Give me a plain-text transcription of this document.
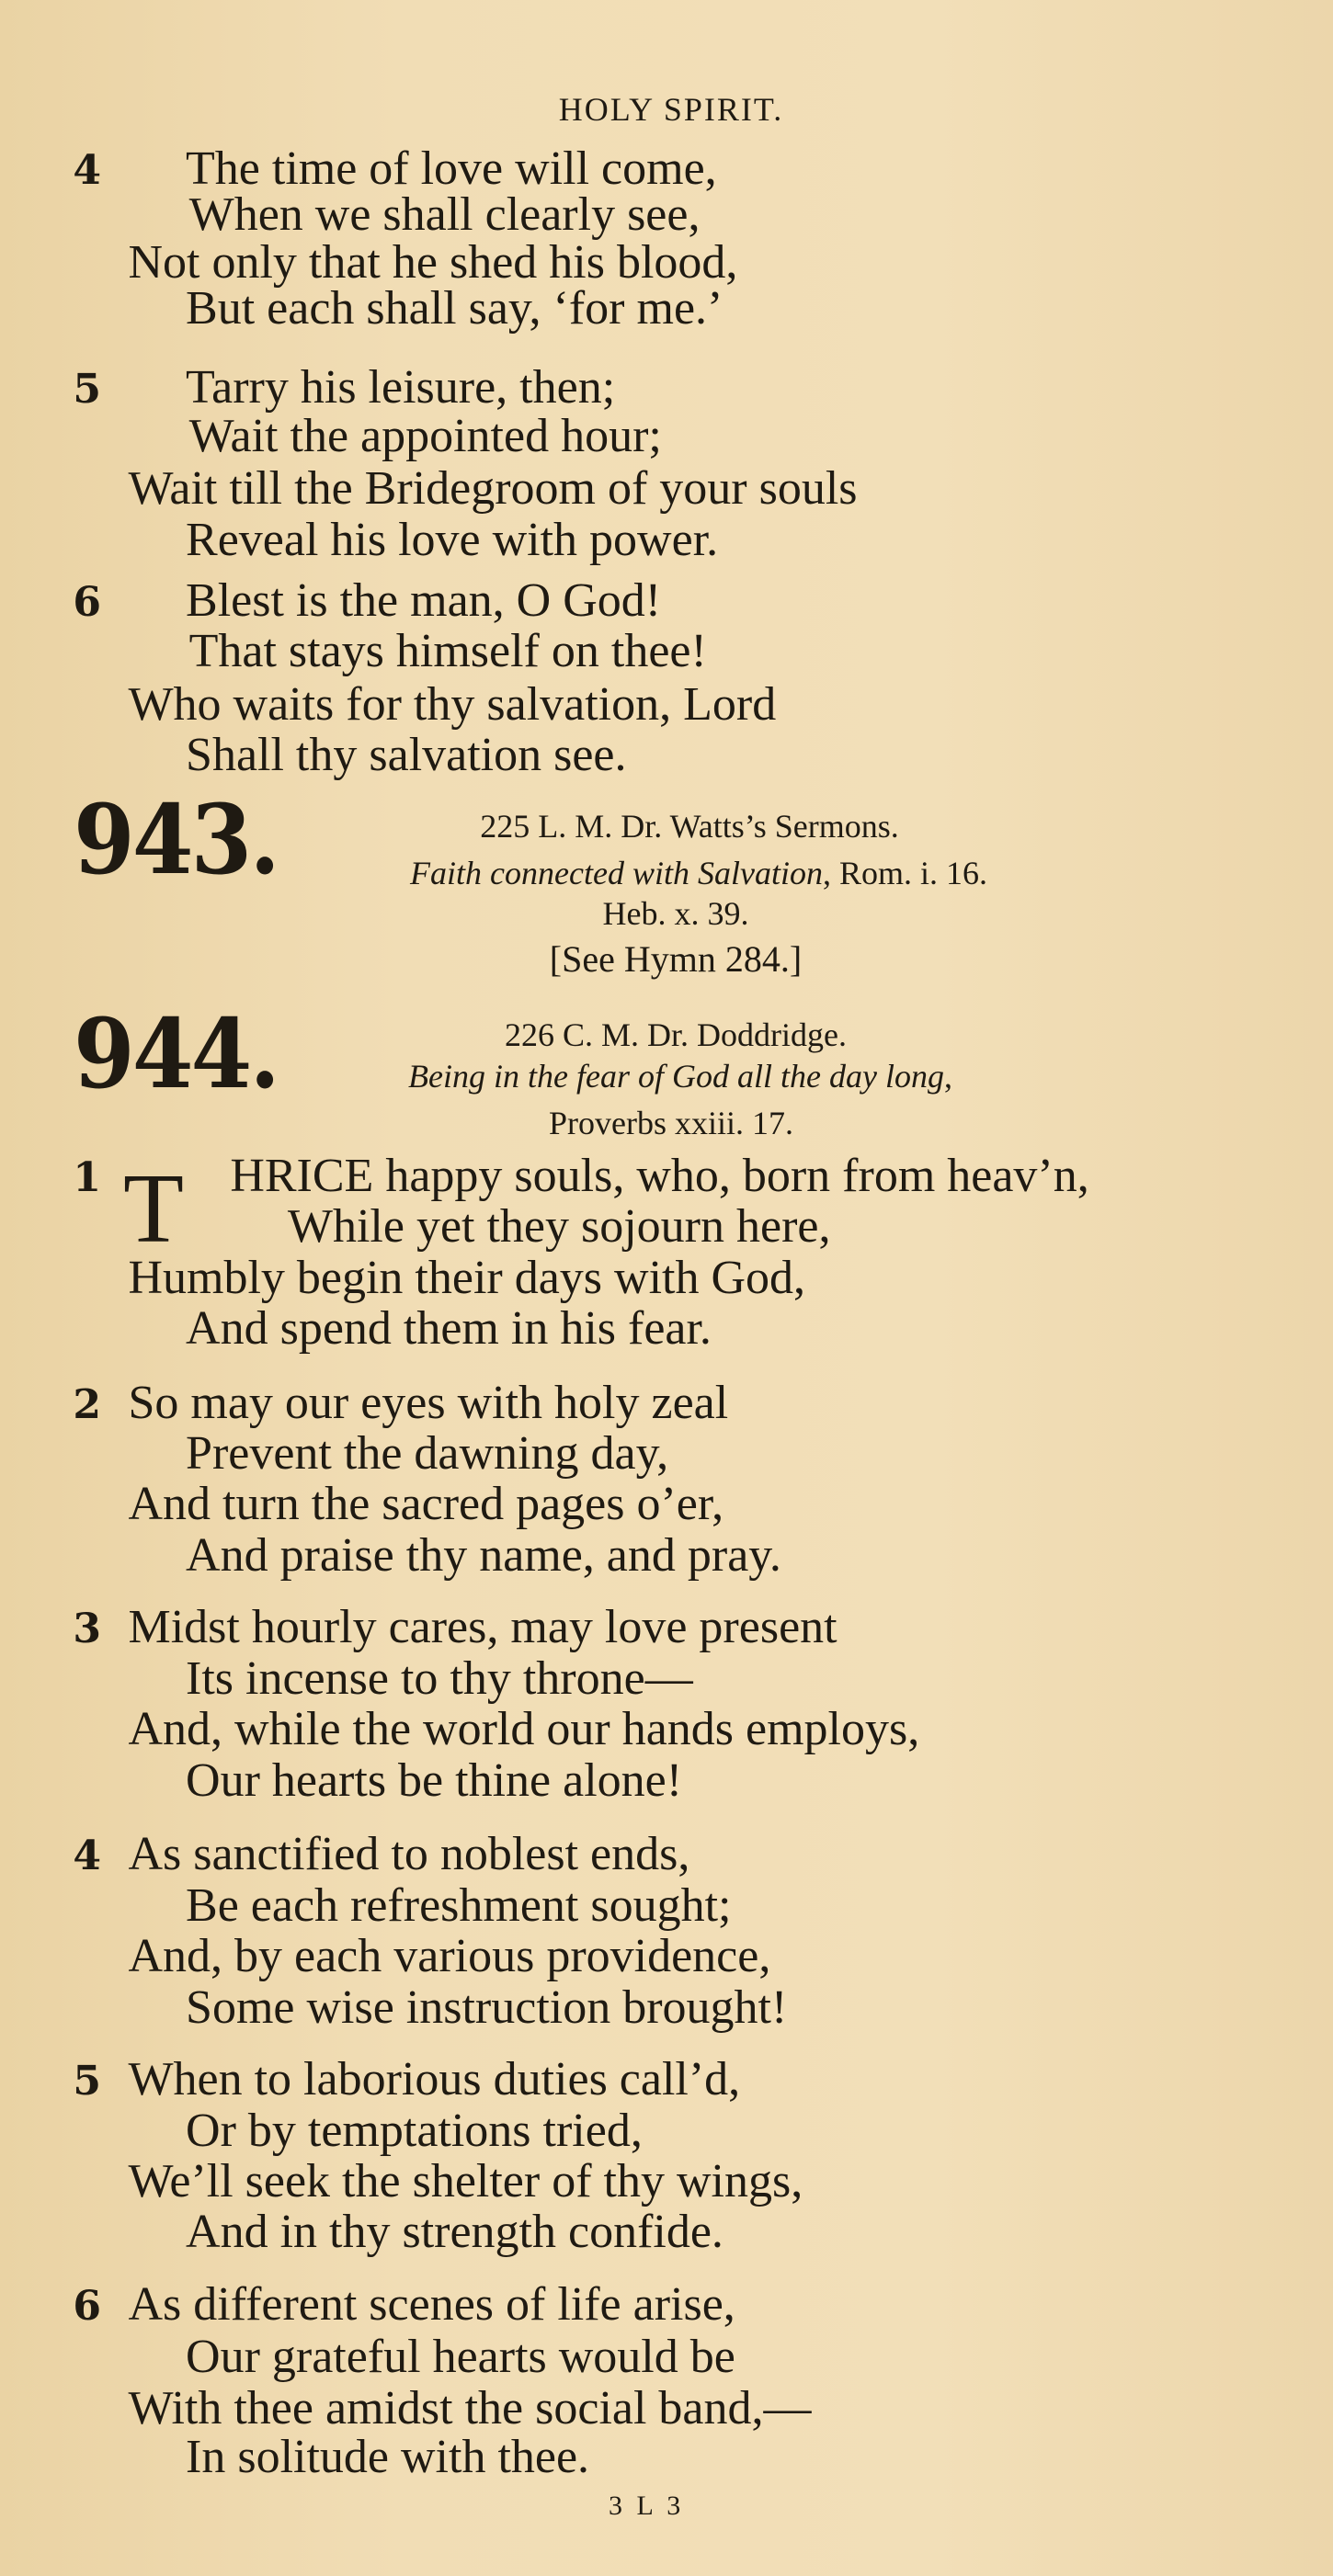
HOLY SPIRIT.
943.	225 L. M. Dr. Watts’s Sermons.
Faith connected with Salvation, Rom. i. 16.
Heb. x. 39.
[See Hymn 284.]
944.	226 C. M. Dr. Doddridge.
Being in the fear of God all the day long,
Proverbs xxiii. 17.
T
3 L 3
4 The time of love will come,
When we shall clearly see,
Not only that he shed his blood,
But each shall say, ‘for me.’
5 Tarry his leisure, then;
Wait the appointed hour;
Wait till the Bridegroom of your souls
Reveal his love with power.
6 Blest is the man, O God!
That stays himself on thee!
Who waits for thy salvation, Lord
Shall thy salvation see.
1	HRICE happy souls, who, born from heav’n,
While yet they sojourn here,
Humbly begin their days with God,
And spend them in his fear.
2 So may our eyes with holy zeal
Prevent the dawning day,
And turn the sacred pages o’er,
And praise thy name, and pray.
3 Midst hourly cares, may love present
Its incense to thy throne—
And, while the world our hands employs,
Our hearts be thine alone!
4 As sanctified to noblest ends,
Be each refreshment sought;
And, by each various providence,
Some wise instruction brought!
5 When to laborious duties call’d,
Or by temptations tried,
We’ll seek the shelter of thy wings,
And in thy strength confide.
6 As different scenes of life arise,
Our grateful hearts would be
With thee amidst the social band,—
In solitude with thee.
